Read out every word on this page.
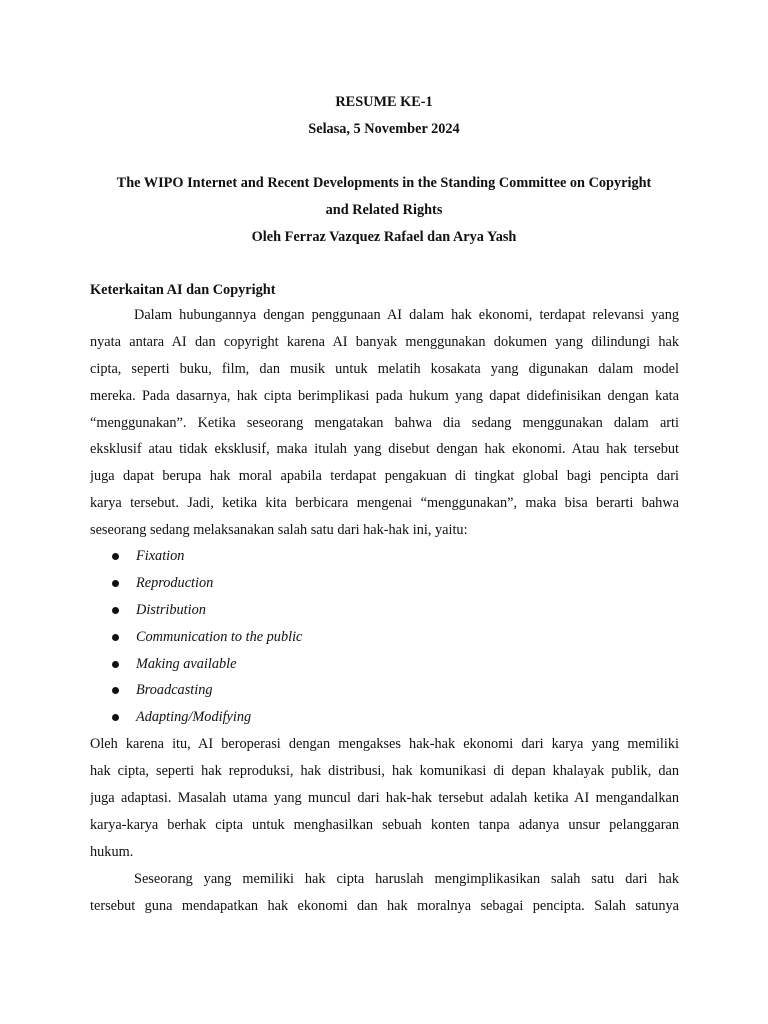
RESUME KE-1
Selasa, 5 November 2024
The WIPO Internet and Recent Developments in the Standing Committee on Copyright
and Related Rights
Oleh Ferraz Vazquez Rafael dan Arya Yash
Keterkaitan AI dan Copyright
Dalam hubungannya dengan penggunaan AI dalam hak ekonomi, terdapat relevansi yang
nyata antara AI dan copyright karena AI banyak menggunakan dokumen yang dilindungi hak
cipta, seperti buku, film, dan musik untuk melatih kosakata yang digunakan dalam model
mereka. Pada dasarnya, hak cipta berimplikasi pada hukum yang dapat didefinisikan dengan kata
“menggunakan”. Ketika seseorang mengatakan bahwa dia sedang menggunakan dalam arti
eksklusif atau tidak eksklusif, maka itulah yang disebut dengan hak ekonomi. Atau hak tersebut
juga dapat berupa hak moral apabila terdapat pengakuan di tingkat global bagi pencipta dari
karya tersebut. Jadi, ketika kita berbicara mengenai “menggunakan”, maka bisa berarti bahwa
seseorang sedang melaksanakan salah satu dari hak-hak ini, yaitu:
Fixation
Reproduction
Distribution
Communication to the public
Making available
Broadcasting
Adapting/Modifying
Oleh karena itu, AI beroperasi dengan mengakses hak-hak ekonomi dari karya yang memiliki
hak cipta, seperti hak reproduksi, hak distribusi, hak komunikasi di depan khalayak publik, dan
juga adaptasi. Masalah utama yang muncul dari hak-hak tersebut adalah ketika AI mengandalkan
karya-karya berhak cipta untuk menghasilkan sebuah konten tanpa adanya unsur pelanggaran
hukum.
Seseorang yang memiliki hak cipta haruslah mengimplikasikan salah satu dari hak
tersebut guna mendapatkan hak ekonomi dan hak moralnya sebagai pencipta. Salah satunya
